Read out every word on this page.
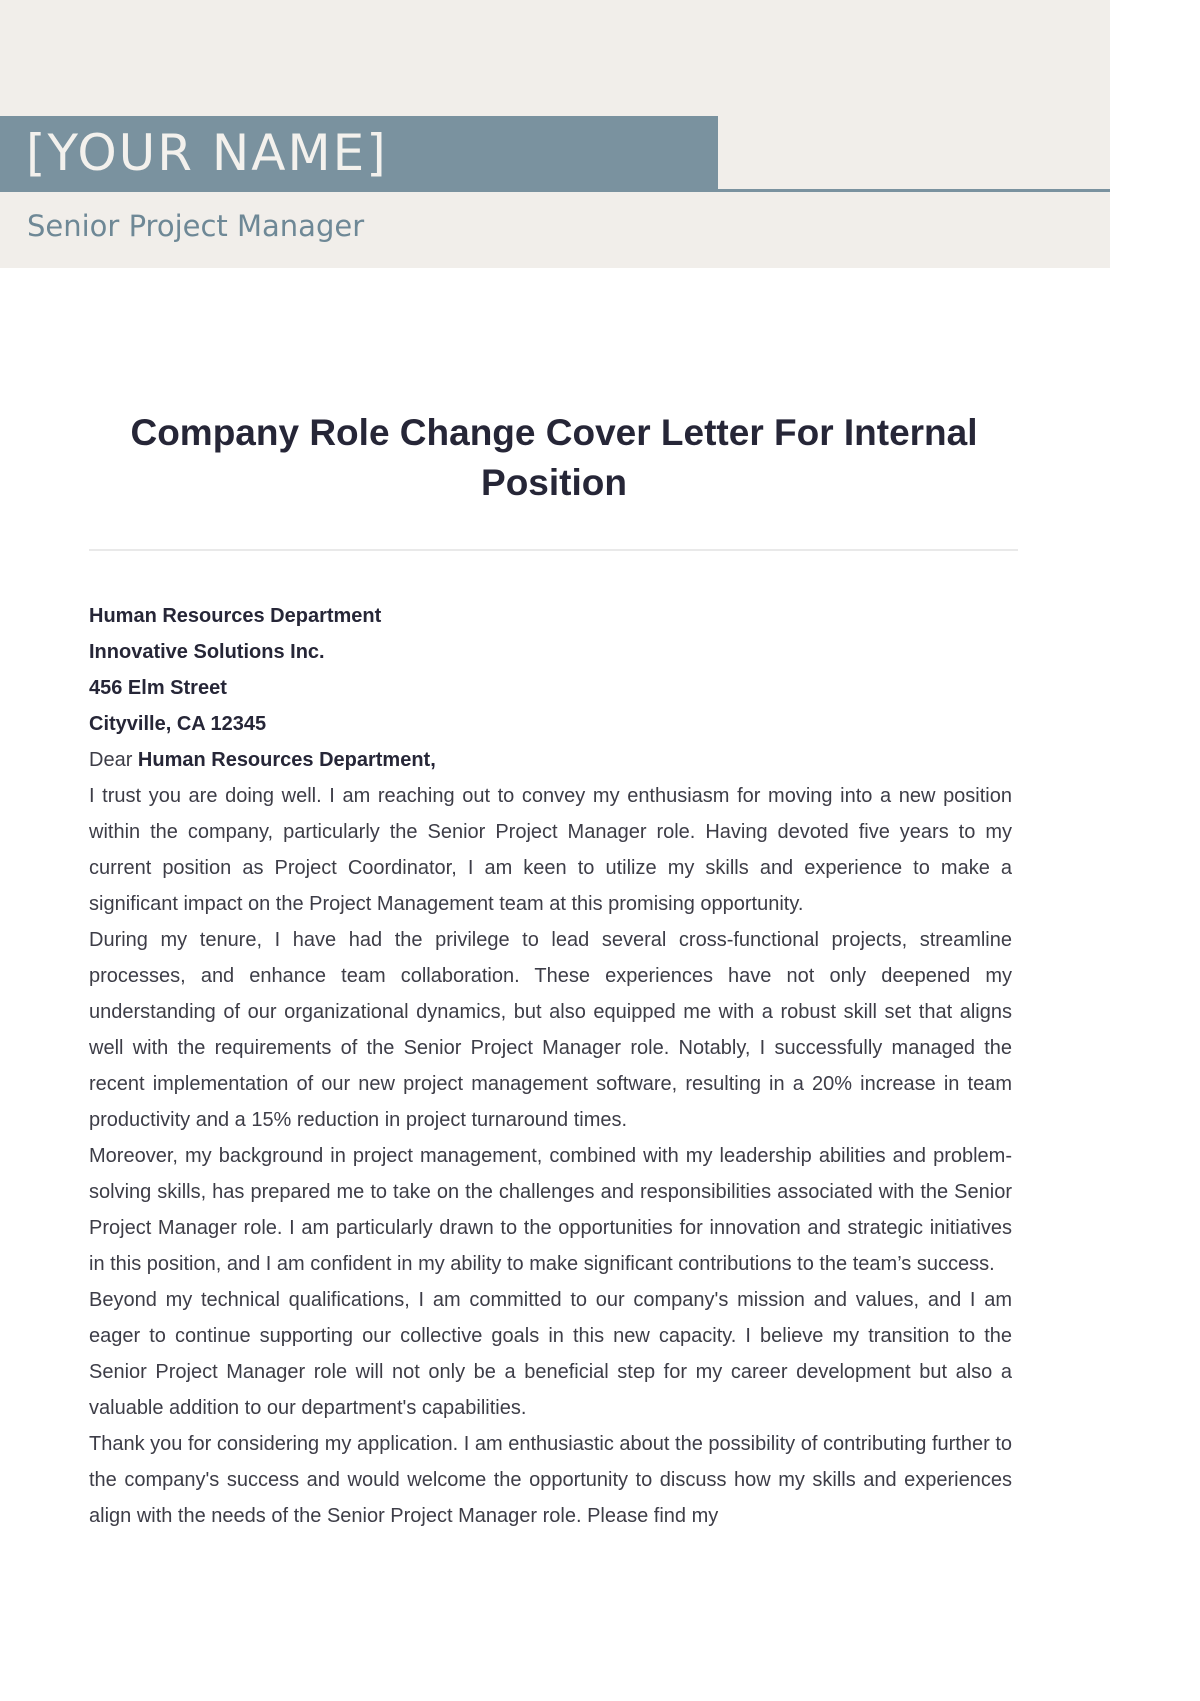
[YOUR NAME]
Senior Project Manager
Company Role Change Cover Letter For Internal Position
Human Resources Department
Innovative Solutions Inc.
456 Elm Street
Cityville, CA 12345
Dear Human Resources Department,

I trust you are doing well. I am reaching out to convey my enthusiasm for moving into a new position within the company, particularly the Senior Project Manager role. Having devoted five years to my current position as Project Coordinator, I am keen to utilize my skills and experience to make a significant impact on the Project Management team at this promising opportunity.

During my tenure, I have had the privilege to lead several cross-functional projects, streamline processes, and enhance team collaboration. These experiences have not only deepened my understanding of our organizational dynamics, but also equipped me with a robust skill set that aligns well with the requirements of the Senior Project Manager role. Notably, I successfully managed the recent implementation of our new project management software, resulting in a 20% increase in team productivity and a 15% reduction in project turnaround times.

Moreover, my background in project management, combined with my leadership abilities and problem-solving skills, has prepared me to take on the challenges and responsibilities associated with the Senior Project Manager role. I am particularly drawn to the opportunities for innovation and strategic initiatives in this position, and I am confident in my ability to make significant contributions to the team’s success.

Beyond my technical qualifications, I am committed to our company's mission and values, and I am eager to continue supporting our collective goals in this new capacity. I believe my transition to the Senior Project Manager role will not only be a beneficial step for my career development but also a valuable addition to our department's capabilities.

Thank you for considering my application. I am enthusiastic about the possibility of contributing further to the company's success and would welcome the opportunity to discuss how my skills and experiences align with the needs of the Senior Project Manager role. Please find my
